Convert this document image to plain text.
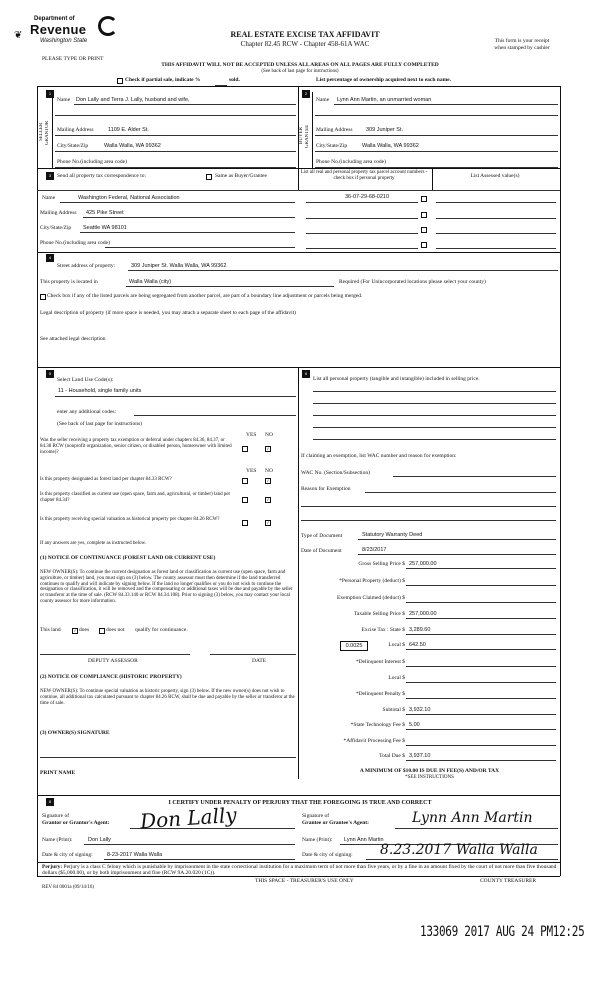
Department of
Revenue
Washington State
❦	REAL ESTATE EXCISE TAX AFFIDAVIT
Chapter 82.45 RCW - Chapter 458-61A WAC	This form is your receipt
when stamped by cashier
PLEASE TYPE OR PRINT
THIS AFFIDAVIT WILL NOT BE ACCEPTED UNLESS ALL AREAS ON ALL PAGES ARE FULLY COMPLETED
(See back of last page for instructions)
Check if partial sale, indicate %	sold.	List percentage of ownership acquired next to each name.
1
SELLER GRANTOR
Name Don Lally and Terra J. Lally, husband and wife,
Mailing Address	1109 E. Alder St.
City/State/Zip	Walla Walla, WA 99362
Phone No.(including area code)
2
BUYER GRANTEE
Name Lynn Ann Martin, an unmarried woman
Mailing Address 309 Juniper St.
City/State/Zip	Walla Walla, WA 99362
Phone No.(including area code)
3	Send all property tax correspondence to:	Same as Buyer/Grantee
List all real and personal property tax parcel account numbers - check box if personal property	List Assessed value(s)
Name	Washington Federal, National Association	36-07-29-68-0210
Mailing Address 425 Pike Street
City/State/Zip Seattle WA 98101
Phone No.(including area code)
4
Street address of property:	309 Juniper St. Walla Walla, WA 99362
This property is located in	Walla Walla (city)	Required (For Unincorporated locations please select your county)
Check box if any of the listed parcels are being segregated from another parcel, are part of a boundary line adjustment or parcels being merged.
Legal description of property (if more space is needed, you may attach a separate sheet to each page of the affidavit)
See attached legal description
5
Select Land Use Code(s):
11 - Household, single family units
enter any additional codes:
(See back of last page for instructions)
YES NO
Was the seller receiving a property tax exemption or deferral under chapters 84.36, 84.37, or 84.38 RCW (nonprofit organization, senior citizen, or disabled person, homeowner with limited income)?
✓
YES NO
Is this property designated as forest land per chapter 84.33 RCW?	✓
Is this property classified as current use (open space, farm and, agricultural, or timber) land per chapter 84.34?	✓
Is this property receiving special valuation as historical property per chapter 84.26 RCW?
✓
If any answers are yes, complete as instructed below.
(1) NOTICE OF CONTINUANCE (FOREST LAND OR CURRENT USE)
NEW OWNER(S): To continue the current designation as forest land or classification as current use (open space, farm and agriculture, or timber) land, you must sign on (3) below. The county assessor must then determine if the land transferred continues to qualify and will indicate by signing below. If the land no longer qualifies or you do not wish to continue the designation or classification, it will be removed and the compensating or additional taxes will be due and payable by the seller or transferor at the time of sale. (RCW 84.33.140 or RCW 84.34.108). Prior to signing (3) below, you may contact your local county assessor for more information.
This land	✓ does	does not qualify for continuance.
DEPUTY ASSESSOR	DATE
(2) NOTICE OF COMPLIANCE (HISTORIC PROPERTY)
NEW OWNER(S): To continue special valuation as historic property, sign (3) below. If the new owner(s) does not wish to continue, all additional tax calculated pursuant to chapter 84.26 RCW, shall be due and payable by the seller or transferor at the time of sale.
(3) OWNER(S) SIGNATURE
PRINT NAME
6
List all personal property (tangible and intangible) included in selling price.
If claiming an exemption, list WAC number and reason for exemption:
WAC No. (Section/Subsection)
Reason for Exemption
Type of Document	Statutory Warranty Deed
Date of Document	8/23/2017
Gross Selling Price $ 257,000.00
*Personal Property (deduct) $
Exemption Claimed (deduct) $
Taxable Selling Price $ 257,000.00
Excise Tax : State $ 3,289.60
0.0025	Local $ 642.50
*Delinquent Interest $
Local $
*Delinquent Penalty $
Subtotal $ 3,932.10
*State Technology Fee $ 5.00
*Affidavit Processing Fee $
Total Due $ 3,937.10
A MINIMUM OF $10.00 IS DUE IN FEE(S) AND/OR TAX
*SEE INSTRUCTIONS
8	I CERTIFY UNDER PENALTY OF PERJURY THAT THE FOREGOING IS TRUE AND CORRECT
Signature of
Grantor or Grantor's Agent: Don Lally
Name (Print):	Don Lally
Date & city of signing:	8-23-2017 Walla Walla
Signature of
Grantee or Grantee's Agent:	Lynn Ann Martin
Name (Print): Lynn Ann Martin
Date & city of signing: 8.23.2017 Walla Walla
Perjury: Perjury is a class C felony which is punishable by imprisonment in the state correctional institution for a maximum term of not more than five years, or by a fine in an amount fixed by the court of not more than five thousand dollars ($5,000.00), or by both imprisonment and fine (RCW 9A.20.020 (1C)).
REV 84 0001a (09/14/16)
THIS SPACE - TREASURER'S USE ONLY	COUNTY TREASURER
133069 2017 AUG 24 PM12:25
